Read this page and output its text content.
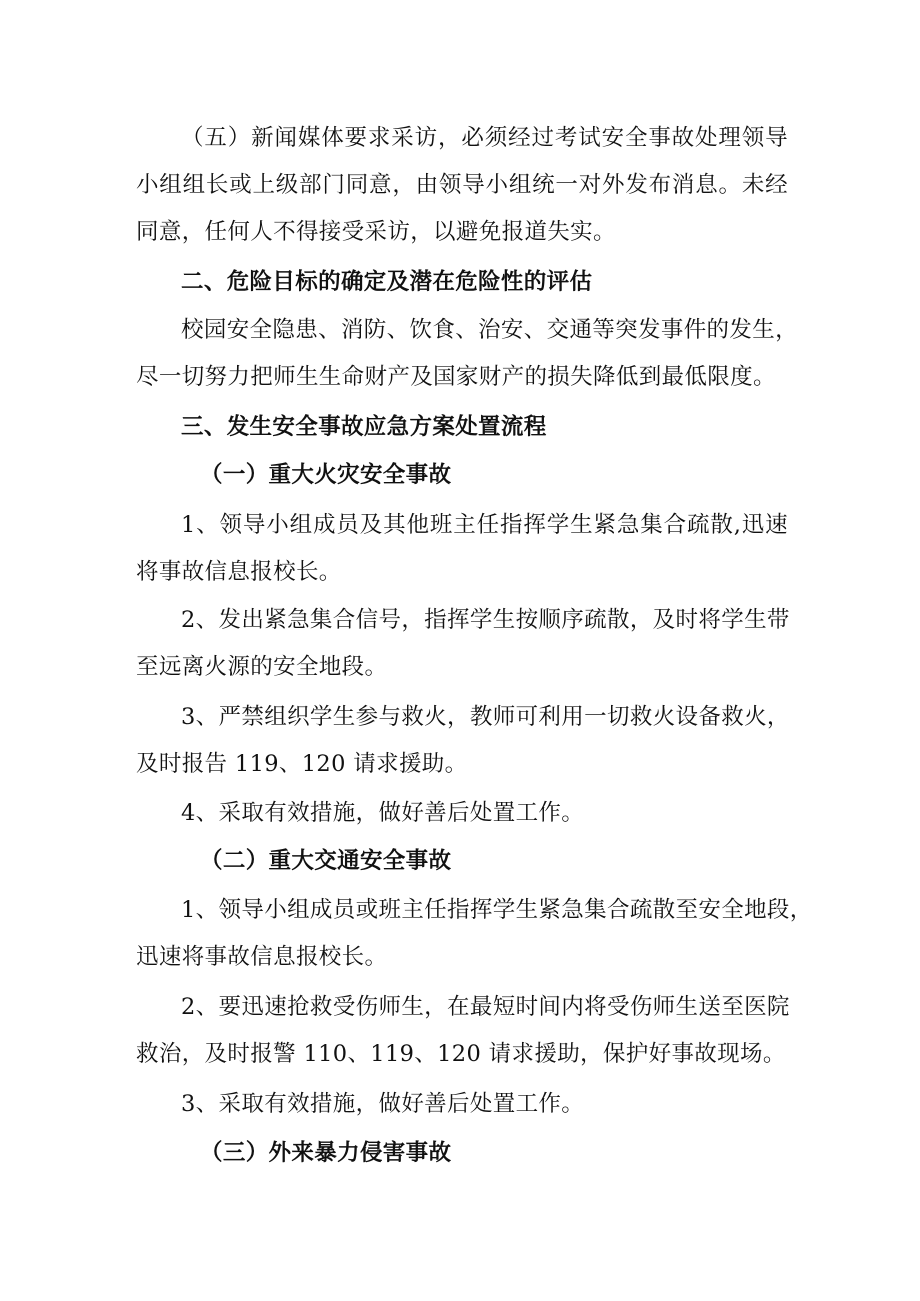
（五）新闻媒体要求采访，必须经过考试安全事故处理领导
小组组长或上级部门同意，由领导小组统一对外发布消息。未经
同意，任何人不得接受采访，以避免报道失实。
二、危险目标的确定及潜在危险性的评估
校园安全隐患、消防、饮食、治安、交通等突发事件的发生，
尽一切努力把师生生命财产及国家财产的损失降低到最低限度。
三、发生安全事故应急方案处置流程
（一）重大火灾安全事故
1、领导小组成员及其他班主任指挥学生紧急集合疏散,迅速
将事故信息报校长。
2、发出紧急集合信号，指挥学生按顺序疏散，及时将学生带
至远离火源的安全地段。
3、严禁组织学生参与救火，教师可利用一切救火设备救火，
及时报告 119、120 请求援助。
4、采取有效措施，做好善后处置工作。
（二）重大交通安全事故
1、领导小组成员或班主任指挥学生紧急集合疏散至安全地段，
迅速将事故信息报校长。
2、要迅速抢救受伤师生，在最短时间内将受伤师生送至医院
救治，及时报警 110、119、120 请求援助，保护好事故现场。
3、采取有效措施，做好善后处置工作。
（三）外来暴力侵害事故
